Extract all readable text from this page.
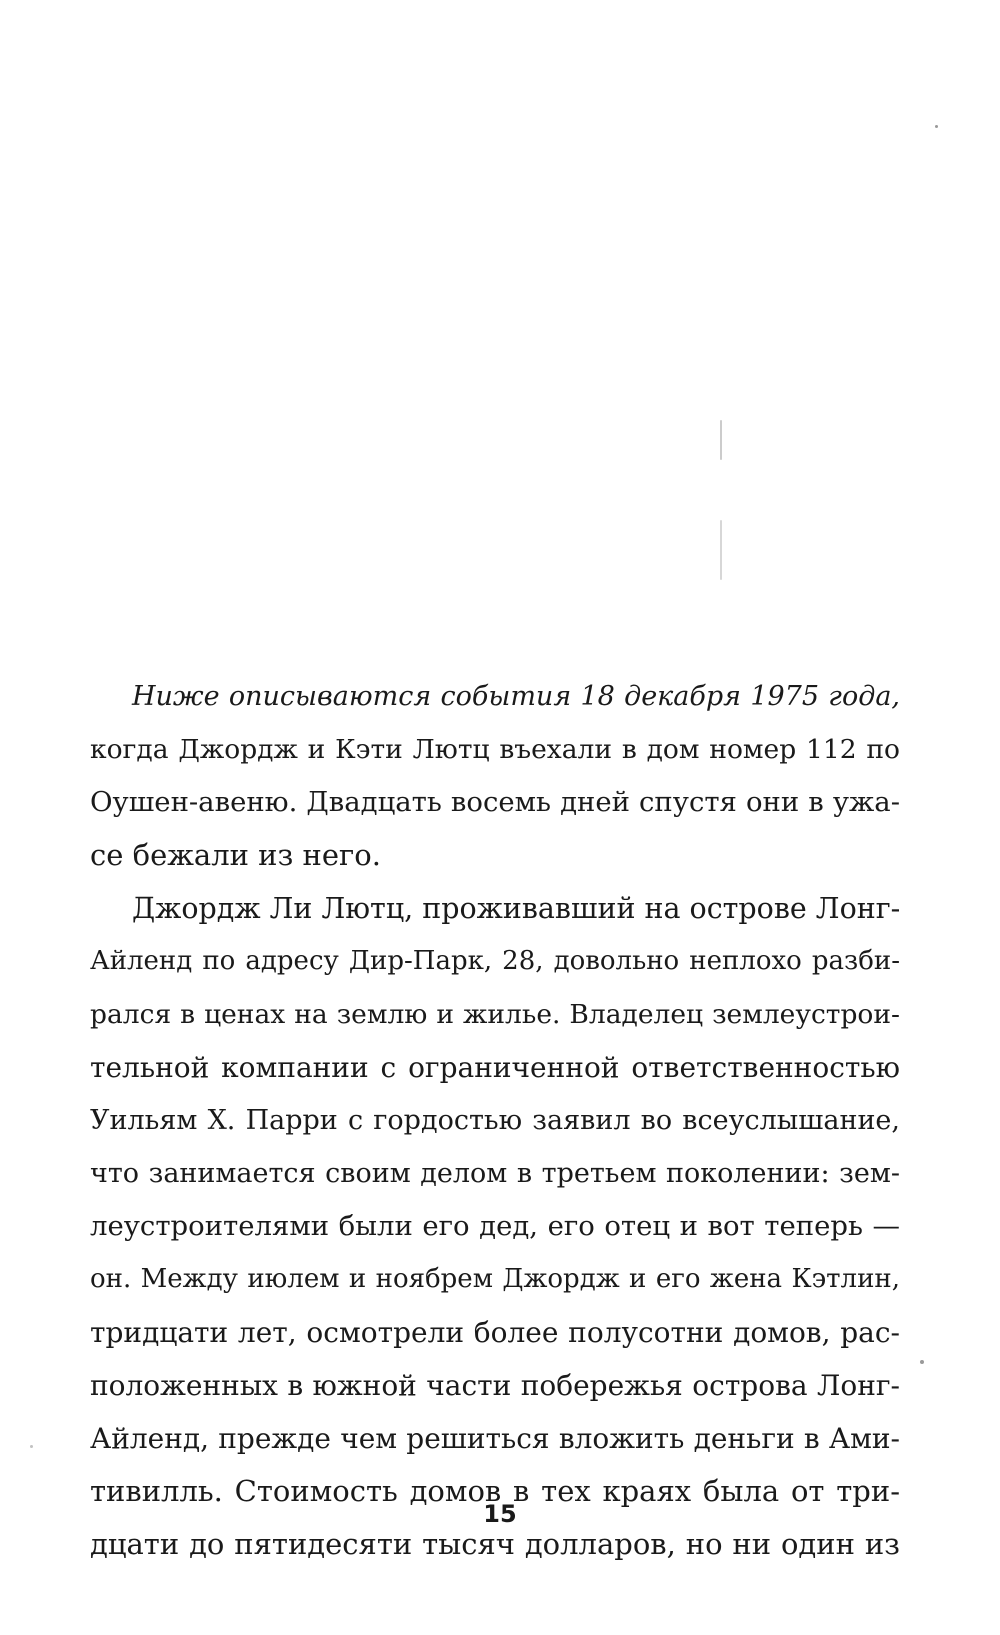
Ниже описываются события 18 декабря 1975 года,
когда Джордж и Кэти Лютц въехали в дом номер 112 по
Оушен-авеню. Двадцать восемь дней спустя они в ужа-
се бежали из него.
Джордж Ли Лютц, проживавший на острове Лонг-
Айленд по адресу Дир-Парк, 28, довольно неплохо разби-
рался в ценах на землю и жилье. Владелец землеустрои-
тельной компании с ограниченной ответственностью
Уильям Х. Парри с гордостью заявил во всеуслышание,
что занимается своим делом в третьем поколении: зем-
леустроителями были его дед, его отец и вот теперь —
он. Между июлем и ноябрем Джордж и его жена Кэтлин,
тридцати лет, осмотрели более полусотни домов, рас-
положенных в южной части побережья острова Лонг-
Айленд, прежде чем решиться вложить деньги в Ами-
тивилль. Стоимость домов в тех краях была от три-
дцати до пятидесяти тысяч долларов, но ни один из
15
